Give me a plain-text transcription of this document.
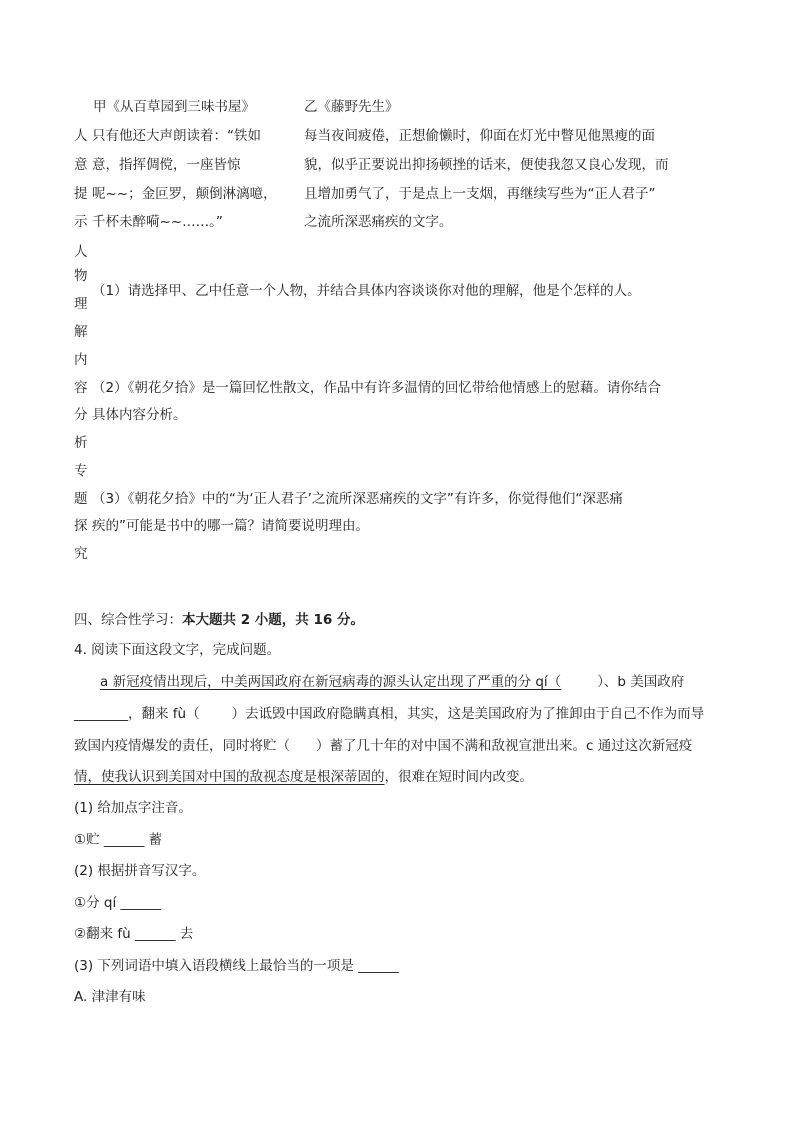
甲《从百草园到三味书屋》	乙《藤野先生》
人
意
提
示
只有他还大声朗读着：“铁如
意，指挥倜傥，一座皆惊
呢~~；金叵罗，颠倒淋漓噫，
千杯未醉嗬~~……。”
每当夜间疲倦，正想偷懒时，仰面在灯光中瞥见他黑瘦的面
貌，似乎正要说出抑扬顿挫的话来，便使我忽又良心发现，而
且增加勇气了，于是点上一支烟，再继续写些为“正人君子”
之流所深恶痛疾的文字。
人
物
理
解
内
容
分
析
专
题
探
究
（1）请选择甲、乙中任意一个人物，并结合具体内容谈谈你对他的理解，他是个怎样的人。
（2）《朝花夕拾》是一篇回忆性散文，作品中有许多温情的回忆带给他情感上的慰藉。请你结合
具体内容分析。
（3）《朝花夕拾》中的“为‘正人君子’之流所深恶痛疾的文字”有许多，你觉得他们“深恶痛
疾的”可能是书中的哪一篇？请简要说明理由。
四、综合性学习：本大题共 2 小题，共 16 分。
4. 阅读下面这段文字，完成问题。
a 新冠疫情出现后，中美两国政府在新冠病毒的源头认定出现了严重的分 qí（	）、b 美国政府
________，翻来 fù（ ）去诋毁中国政府隐瞒真相，其实，这是美国政府为了推卸由于自己不作为而导
致国内疫情爆发的责任，同时将贮（ ）蓄了几十年的对中国不满和敌视宣泄出来。c 通过这次新冠疫
情，使我认识到美国对中国的敌视态度是根深蒂固的，很难在短时间内改变。
(1) 给加点字注音。
①贮 ______ 蓄
(2) 根据拼音写汉字。
①分 qí ______
②翻来 fù ______ 去
(3) 下列词语中填入语段横线上最恰当的一项是 ______
A. 津津有味
